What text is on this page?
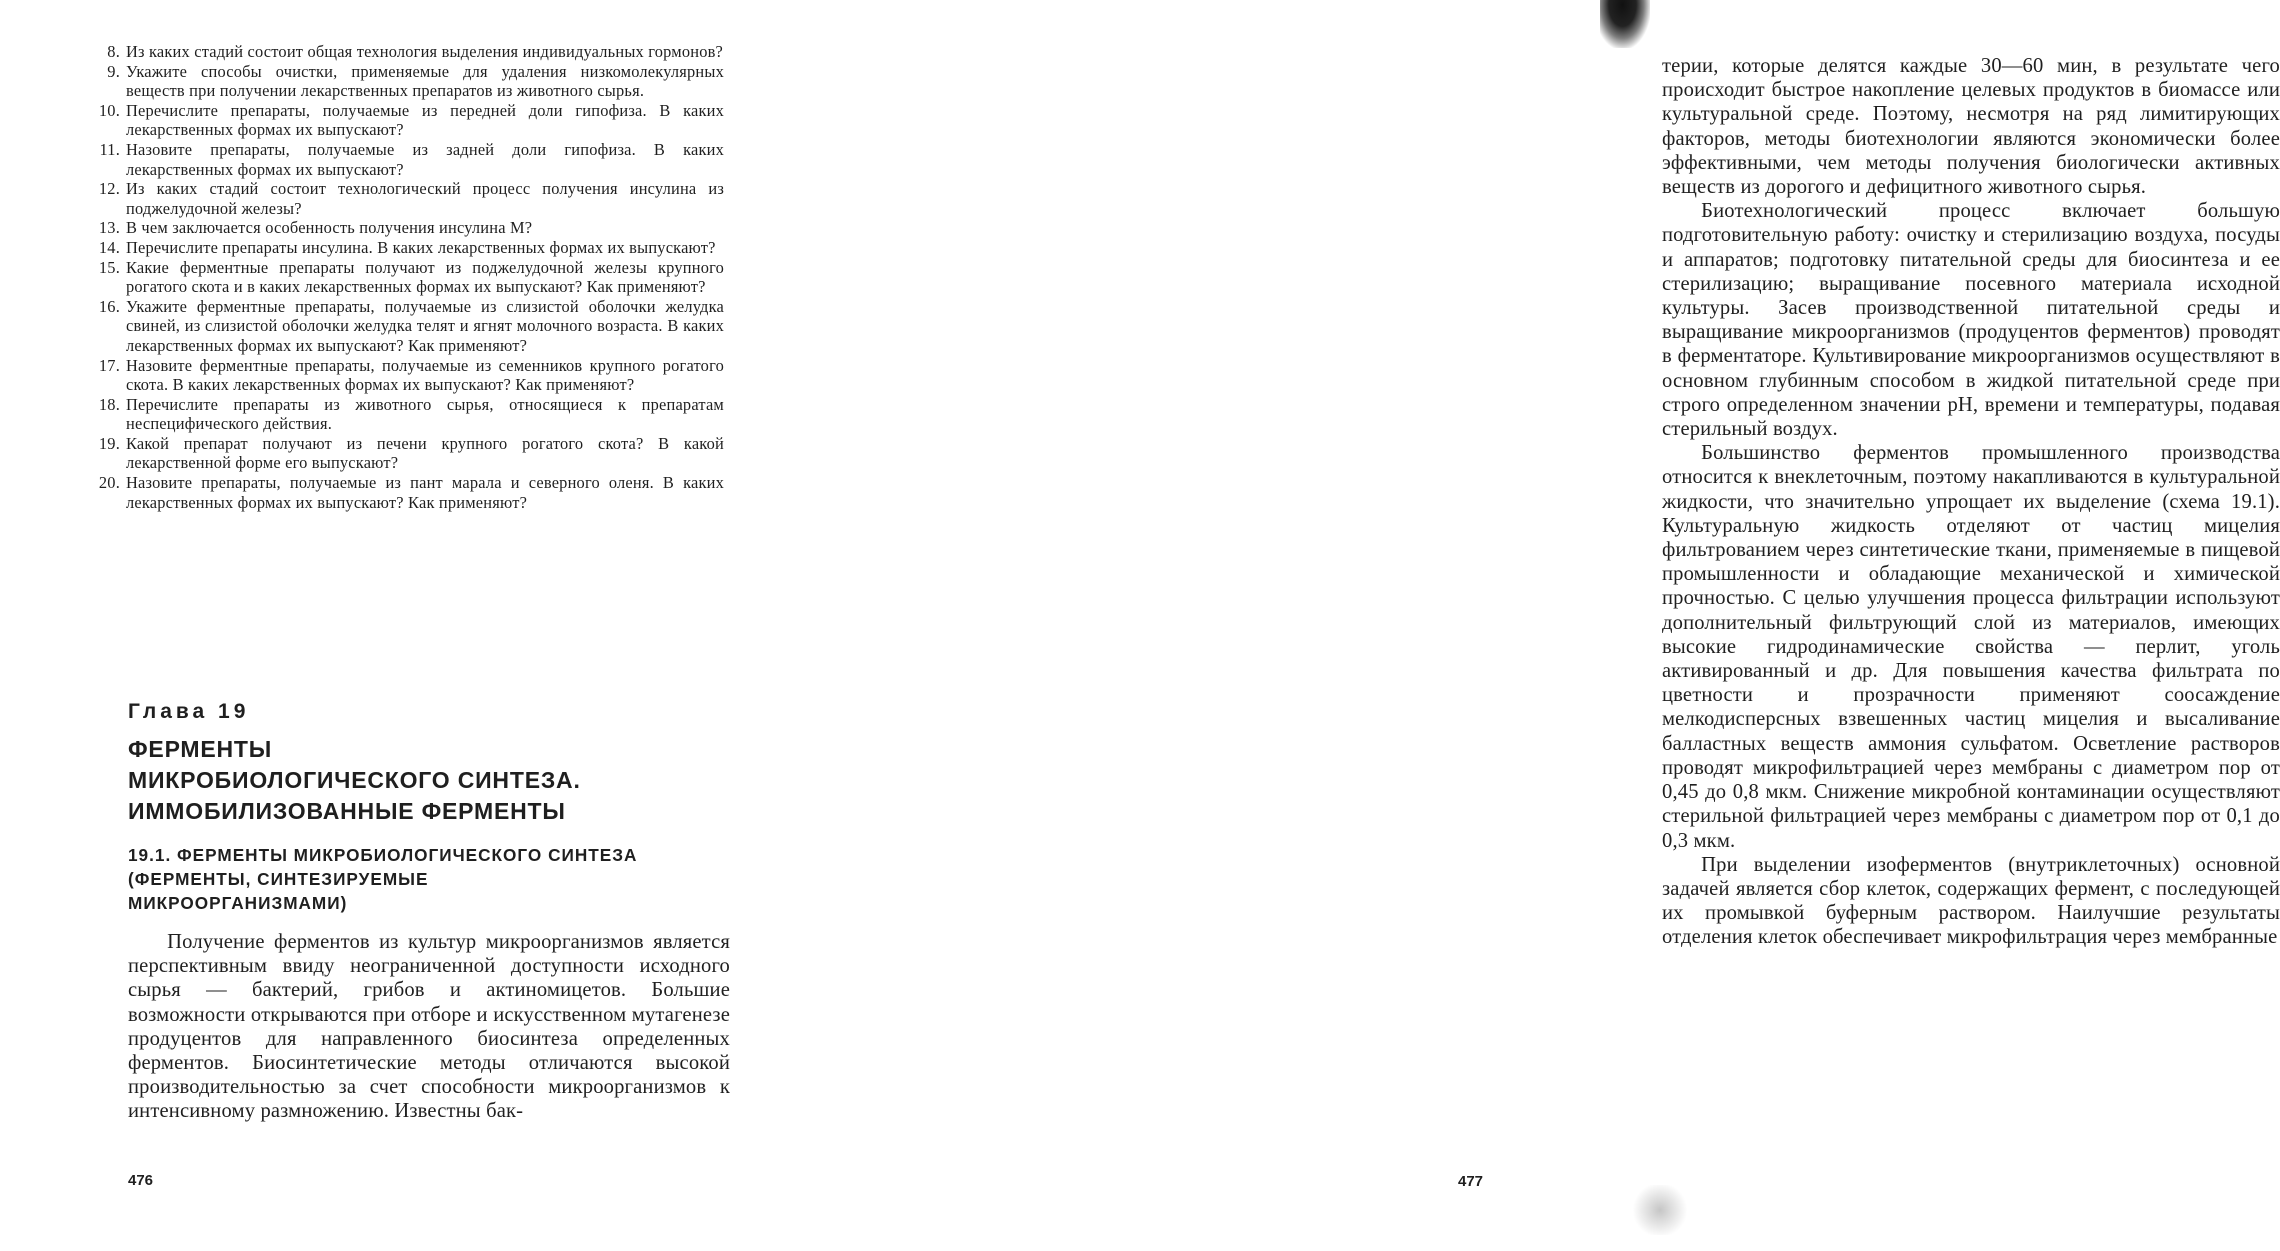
8. Из каких стадий состоит общая технология выделения индивидуальных гормонов?
9. Укажите способы очистки, применяемые для удаления низкомолекулярных веществ при получении лекарственных препаратов из животного сырья.
10. Перечислите препараты, получаемые из передней доли гипофиза. В каких лекарственных формах их выпускают?
11. Назовите препараты, получаемые из задней доли гипофиза. В каких лекарственных формах их выпускают?
12. Из каких стадий состоит технологический процесс получения инсулина из поджелудочной железы?
13. В чем заключается особенность получения инсулина М?
14. Перечислите препараты инсулина. В каких лекарственных формах их выпускают?
15. Какие ферментные препараты получают из поджелудочной железы крупного рогатого скота и в каких лекарственных формах их выпускают? Как применяют?
16. Укажите ферментные препараты, получаемые из слизистой оболочки желудка свиней, из слизистой оболочки желудка телят и ягнят молочного возраста. В каких лекарственных формах их выпускают? Как применяют?
17. Назовите ферментные препараты, получаемые из семенников крупного рогатого скота. В каких лекарственных формах их выпускают? Как применяют?
18. Перечислите препараты из животного сырья, относящиеся к препаратам неспецифического действия.
19. Какой препарат получают из печени крупного рогатого скота? В какой лекарственной форме его выпускают?
20. Назовите препараты, получаемые из пант марала и северного оленя. В каких лекарственных формах их выпускают? Как применяют?

Глава 19

ФЕРМЕНТЫ
МИКРОБИОЛОГИЧЕСКОГО СИНТЕЗА.
ИММОБИЛИЗОВАННЫЕ ФЕРМЕНТЫ
19.1. ФЕРМЕНТЫ МИКРОБИОЛОГИЧЕСКОГО СИНТЕЗА
(ФЕРМЕНТЫ, СИНТЕЗИРУЕМЫЕ
МИКРООРГАНИЗМАМИ)

Получение ферментов из культур микроорганизмов является перспективным ввиду неограниченной доступности исходного сырья — бактерий, грибов и актиномицетов. Большие возможности открываются при отборе и искусственном мутагенезе продуцентов для направленного биосинтеза определенных ферментов. Биосинтетические методы отличаются высокой производительностью за счет способности микроорганизмов к интенсивному размножению. Известны бак-

476

терии, которые делятся каждые 30—60 мин, в результате чего происходит быстрое накопление целевых продуктов в биомассе или культуральной среде. Поэтому, несмотря на ряд лимитирующих факторов, методы биотехнологии являются экономически более эффективными, чем методы получения биологически активных веществ из дорогого и дефицитного животного сырья.

Биотехнологический процесс включает большую подготовительную работу: очистку и стерилизацию воздуха, посуды и аппаратов; подготовку питательной среды для биосинтеза и ее стерилизацию; выращивание посевного материала исходной культуры. Засев производственной питательной среды и выращивание микроорганизмов (продуцентов ферментов) проводят в ферментаторе. Культивирование микроорганизмов осуществляют в основном глубинным способом в жидкой питательной среде при строго определенном значении pH, времени и температуры, подавая стерильный воздух.

Большинство ферментов промышленного производства относится к внеклеточным, поэтому накапливаются в культуральной жидкости, что значительно упрощает их выделение (схема 19.1). Культуральную жидкость отделяют от частиц мицелия фильтрованием через синтетические ткани, применяемые в пищевой промышленности и обладающие механической и химической прочностью. С целью улучшения процесса фильтрации используют дополнительный фильтрующий слой из материалов, имеющих высокие гидродинамические свойства — перлит, уголь активированный и др. Для повышения качества фильтрата по цветности и прозрачности применяют соосаждение мелкодисперсных взвешенных частиц мицелия и высаливание балластных веществ аммония сульфатом. Осветление растворов проводят микрофильтрацией через мембраны с диаметром пор от 0,45 до 0,8 мкм. Снижение микробной контаминации осуществляют стерильной фильтрацией через мембраны с диаметром пор от 0,1 до 0,3 мкм.

При выделении изоферментов (внутриклеточных) основной задачей является сбор клеток, содержащих фермент, с последующей их промывкой буферным раствором. Наилучшие результаты отделения клеток обеспечивает микрофильтрация через мембранные

477
